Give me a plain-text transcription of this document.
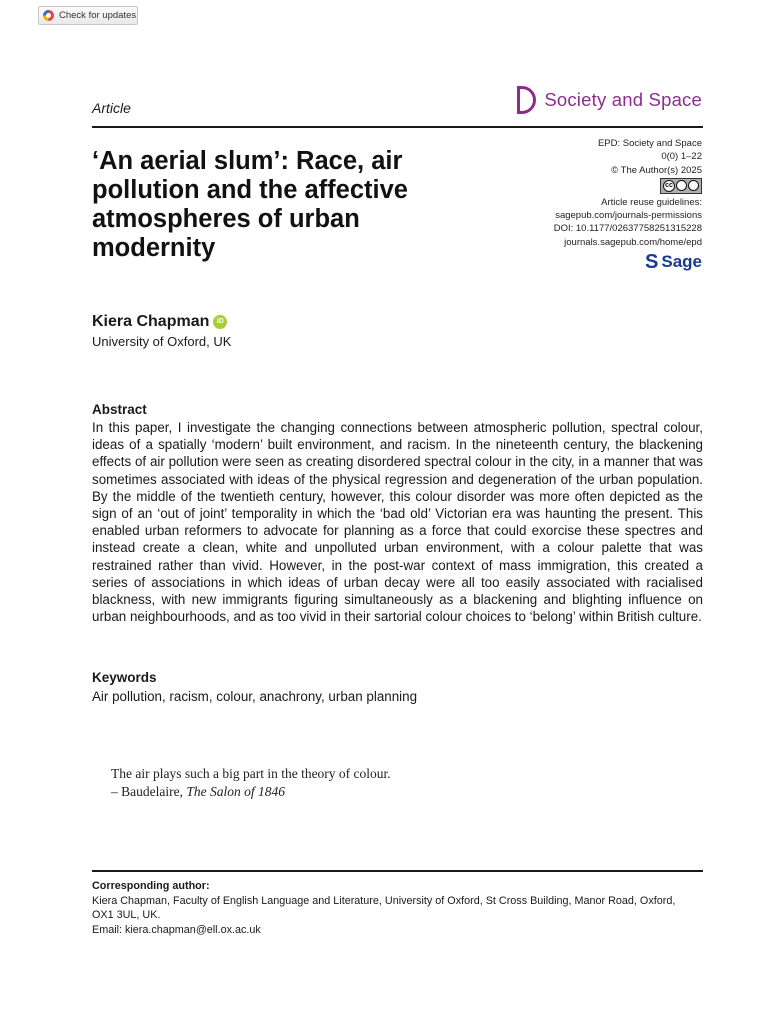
Check for updates
Article	Society and Space
‘An aerial slum’: Race, air pollution and the affective atmospheres of urban modernity
EPD: Society and Space
0(0) 1–22
© The Author(s) 2025
cc
Article reuse guidelines:
sagepub.com/journals-permissions
DOI: 10.1177/02637758251315228
journals.sagepub.com/home/epd
S Sage
Kiera Chapman	iD
University of Oxford, UK
Abstract

In this paper, I investigate the changing connections between atmospheric pollution, spectral colour, ideas of a spatially ‘modern’ built environment, and racism. In the nineteenth century, the blackening effects of air pollution were seen as creating disordered spectral colour in the city, in a manner that was sometimes associated with ideas of the physical regression and degeneration of the urban population. By the middle of the twentieth century, however, this colour disorder was more often depicted as the sign of an ‘out of joint’ temporality in which the ‘bad old’ Victorian era was haunting the present. This enabled urban reformers to advocate for planning as a force that could exorcise these spectres and instead create a clean, white and unpolluted urban environment, with a colour palette that was restrained rather than vivid. However, in the post-war context of mass immigration, this created a series of associations in which ideas of urban decay were all too easily associated with racialised blackness, with new immigrants figuring simultaneously as a blackening and blighting influence on urban neighbourhoods, and as too vivid in their sartorial colour choices to ‘belong’ within British culture.

Keywords
Air pollution, racism, colour, anachrony, urban planning
The air plays such a big part in the theory of colour.
– Baudelaire, The Salon of 1846
Corresponding author:
Kiera Chapman, Faculty of English Language and Literature, University of Oxford, St Cross Building, Manor Road, Oxford,
OX1 3UL, UK.
Email: kiera.chapman@ell.ox.ac.uk
